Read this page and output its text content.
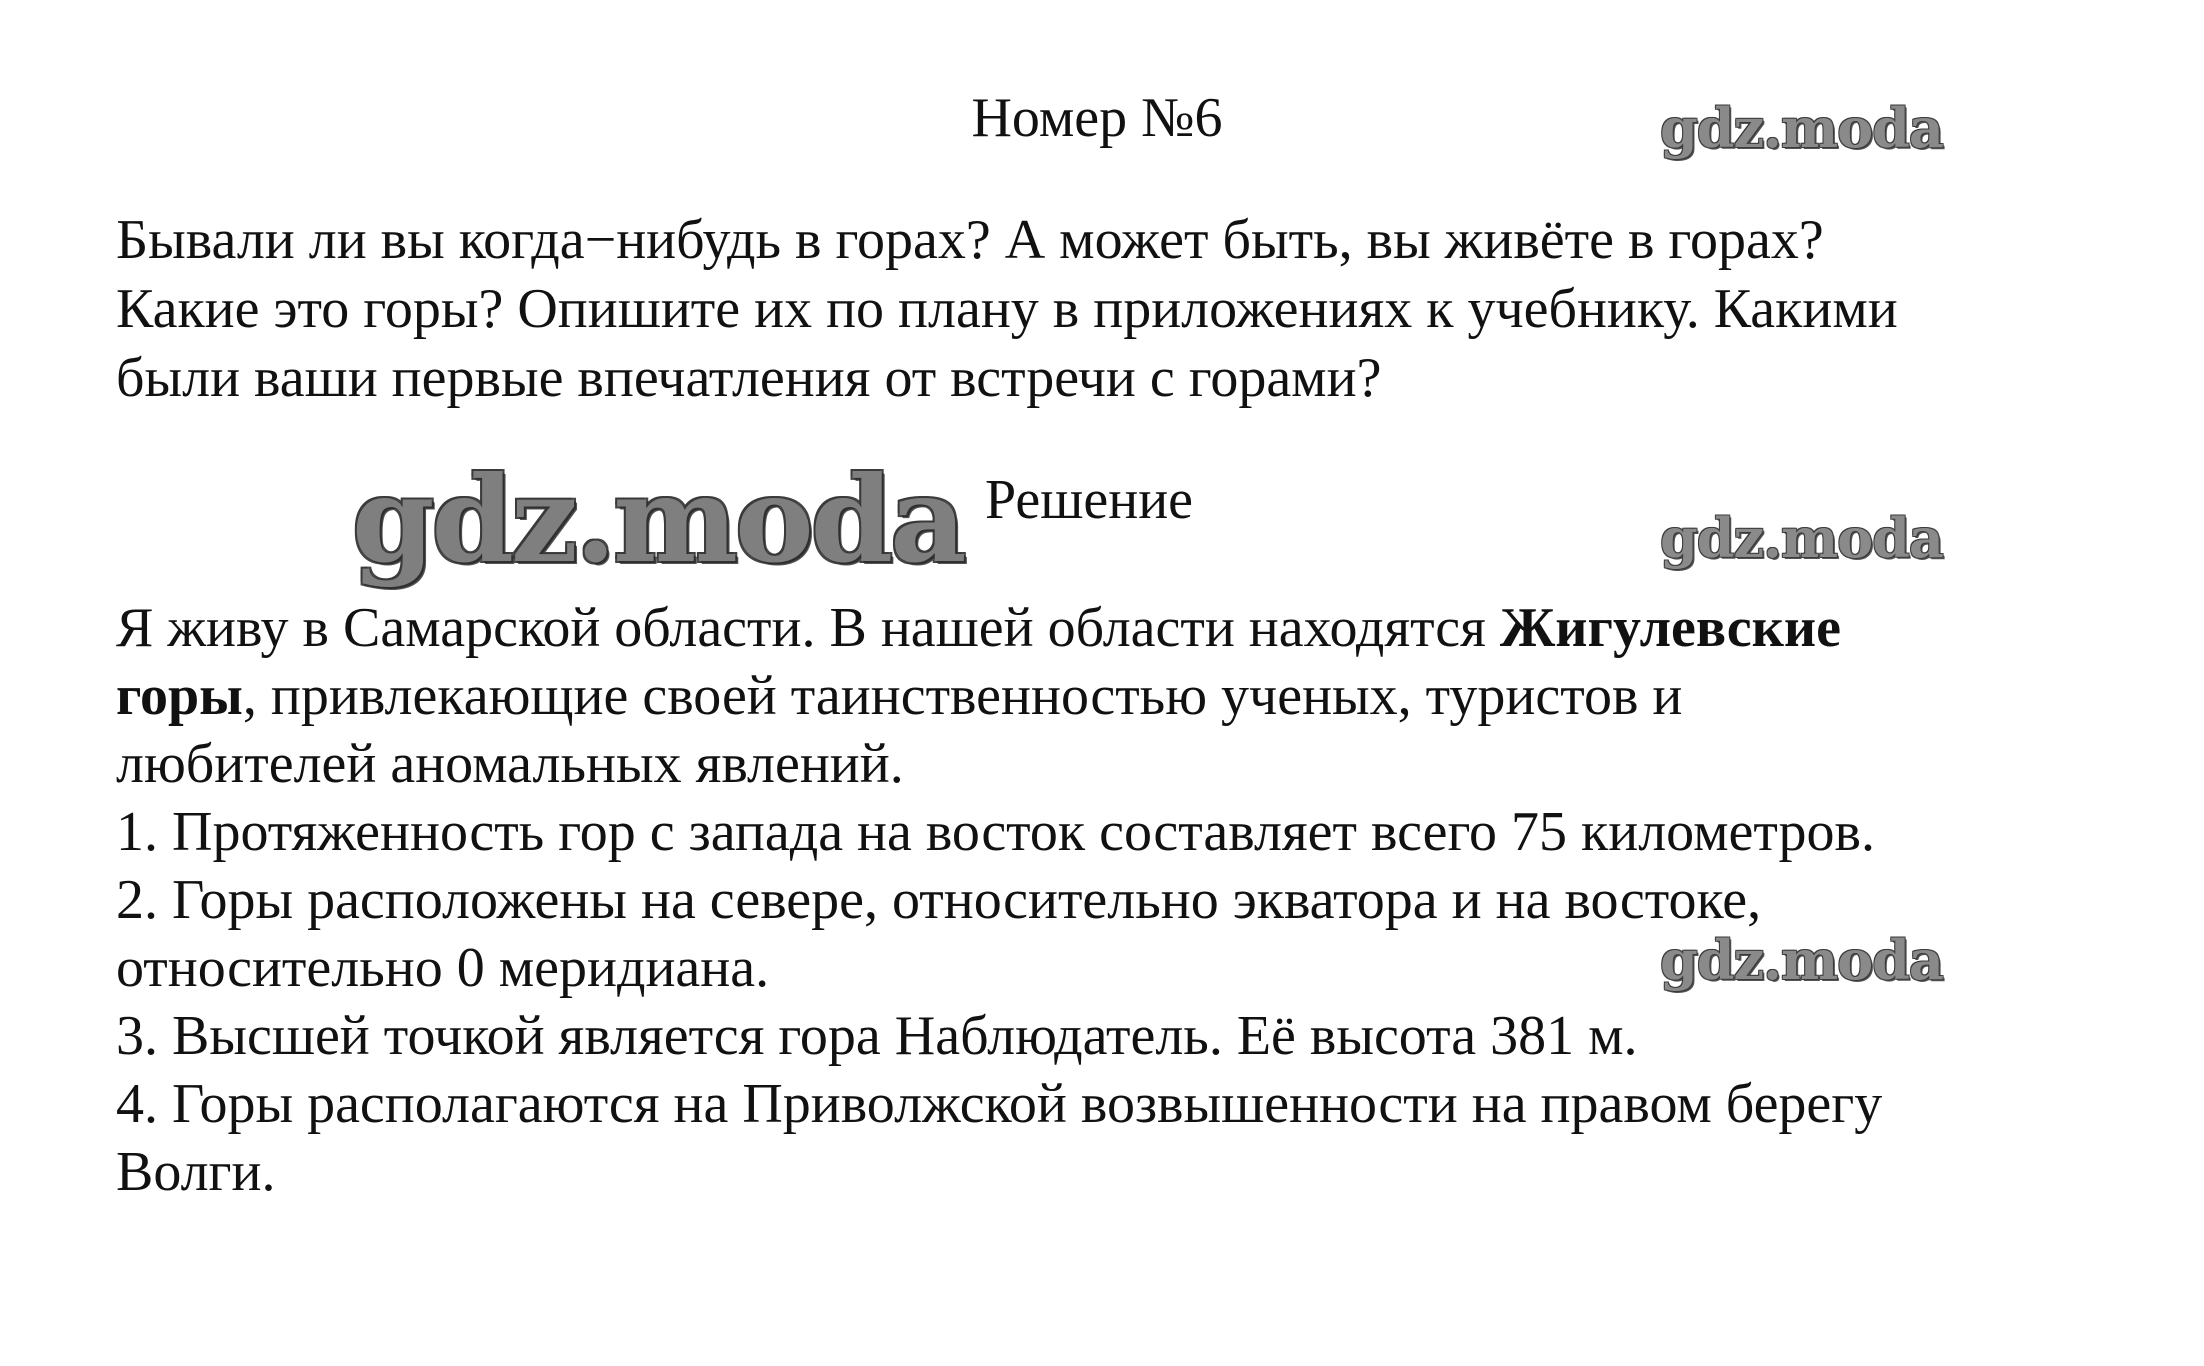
Номер №6	gdz.moda
Бывали ли вы когда−нибудь в горах? А может быть, вы живёте в горах?
Какие это горы? Опишите их по плану в приложениях к учебнику. Какими
были ваши первые впечатления от встречи с горами?
gdz.moda Решение
gdz.moda
Я живу в Самарской области. В нашей области находятся Жигулевские
горы, привлекающие своей таинственностью ученых, туристов и
любителей аномальных явлений.
1. Протяженность гор с запада на восток составляет всего 75 километров.
2. Горы расположены на севере, относительно экватора и на востоке,
относительно 0 меридиана.
3. Высшей точкой является гора Наблюдатель. Её высота 381 м.
4. Горы располагаются на Приволжской возвышенности на правом берегу
Волги.
gdz.moda
